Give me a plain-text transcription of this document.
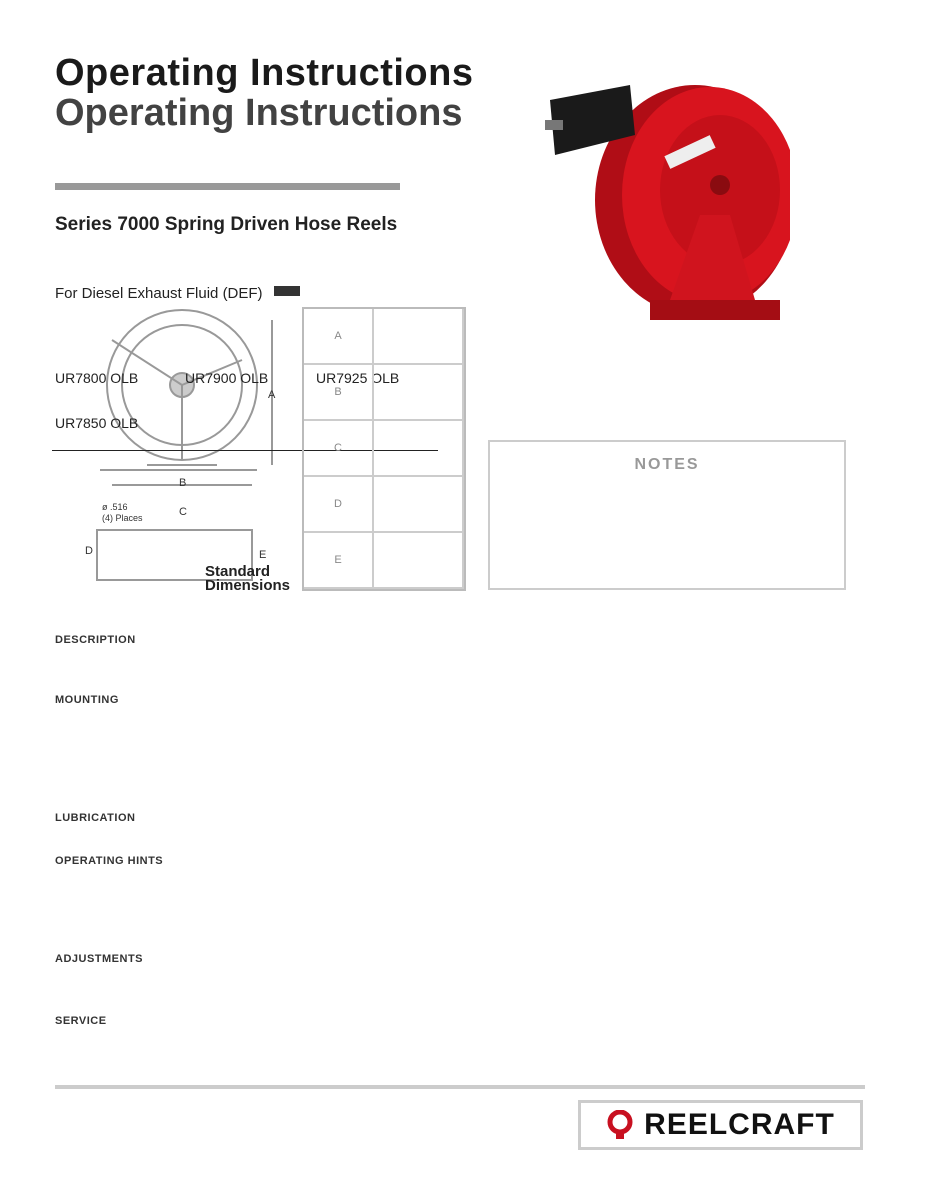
Operating Instructions
Operating Instructions
Series 7000 Spring Driven Hose Reels
For Diesel Exhaust Fluid (DEF)
B
C
D	E
A
ø .516
(4) Places
UR7800 OLB	UR7900 OLB	UR7925 OLB
UR7850 OLB
A
B
C
D
E
Standard
Dimensions
NOTES
DESCRIPTION
MOUNTING
LUBRICATION
OPERATING HINTS
ADJUSTMENTS
SERVICE
REELCRAFT
